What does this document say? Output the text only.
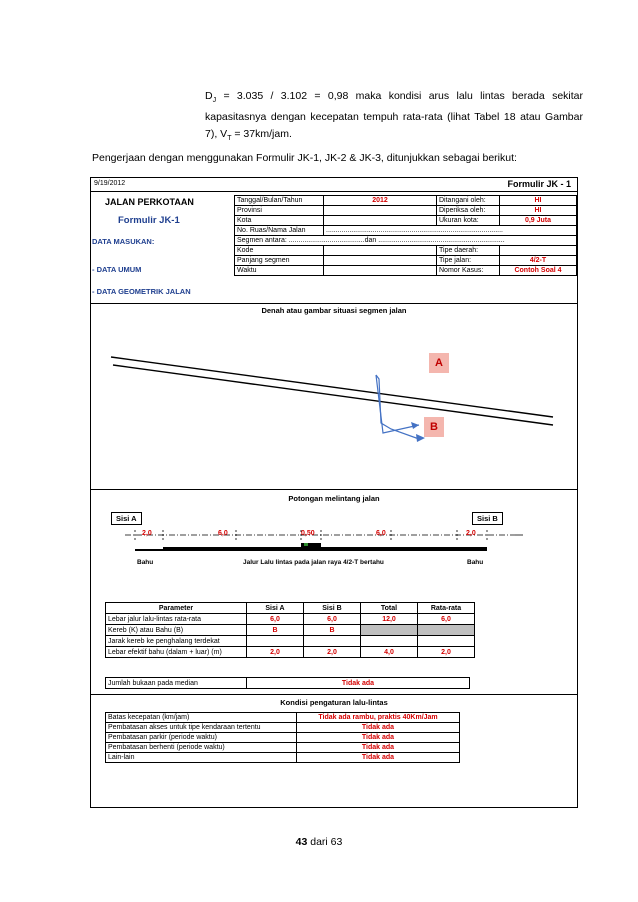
$D_J = 3.035 / 3.102 = 0,98$ maka kondisi arus lalu lintas berada sekitar kapasitasnya dengan kecepatan tempuh rata-rata (lihat Tabel 18 atau Gambar 7), $V_T = 37km/jam$.
Pengerjaan dengan menggunakan Formulir JK-1, JK-2 & JK-3, ditunjukkan sebagai berikut:
9/19/2012	Formulir JK - 1
JALAN PERKOTAAN
Formulir JK-1
DATA MASUKAN:
- DATA UMUM
- DATA GEOMETRIK JALAN
Tanggal/Bulan/Tahun	2012	Ditangani oleh:	HI
Provinsi		Diperiksa oleh:	HI
Kota		Ukuran kota:	0,9 Juta
No. Ruas/Nama Jalan	...........................................................................................		
Segmen antara: .......................................dan .................................................................			
Kode		Tipe daerah:	
Panjang segmen		Tipe jalan:	4/2-T
Waktu		Nomor Kasus:	Contoh Soal 4
Denah atau gambar situasi segmen jalan
A
B
Potongan melintang jalan
Sisi A	Sisi B
2,0	6,0	0,50	6,0	2,0
Bahu	Jalur Lalu lintas pada jalan raya 4/2-T bertahu	Bahu
Parameter	Sisi A	Sisi B	Total	Rata-rata
Lebar jalur lalu-lintas rata-rata	6,0	6,0	12,0	6,0
Kereb (K) atau Bahu (B)	B	B		
Jarak kereb ke penghalang terdekat				
Lebar efektif bahu (dalam + luar) (m)	2,0	2,0	4,0	2,0
Jumlah bukaan pada median	Tidak ada
Kondisi pengaturan lalu-lintas
Batas kecepatan (km/jam)	Tidak ada rambu, praktis 40Km/Jam
Pembatasan akses untuk tipe kendaraan tertentu	Tidak ada
Pembatasan parkir (periode waktu)	Tidak ada
Pembatasan berhenti (periode waktu)	Tidak ada
Lain-lain	Tidak ada
43 dari 63
